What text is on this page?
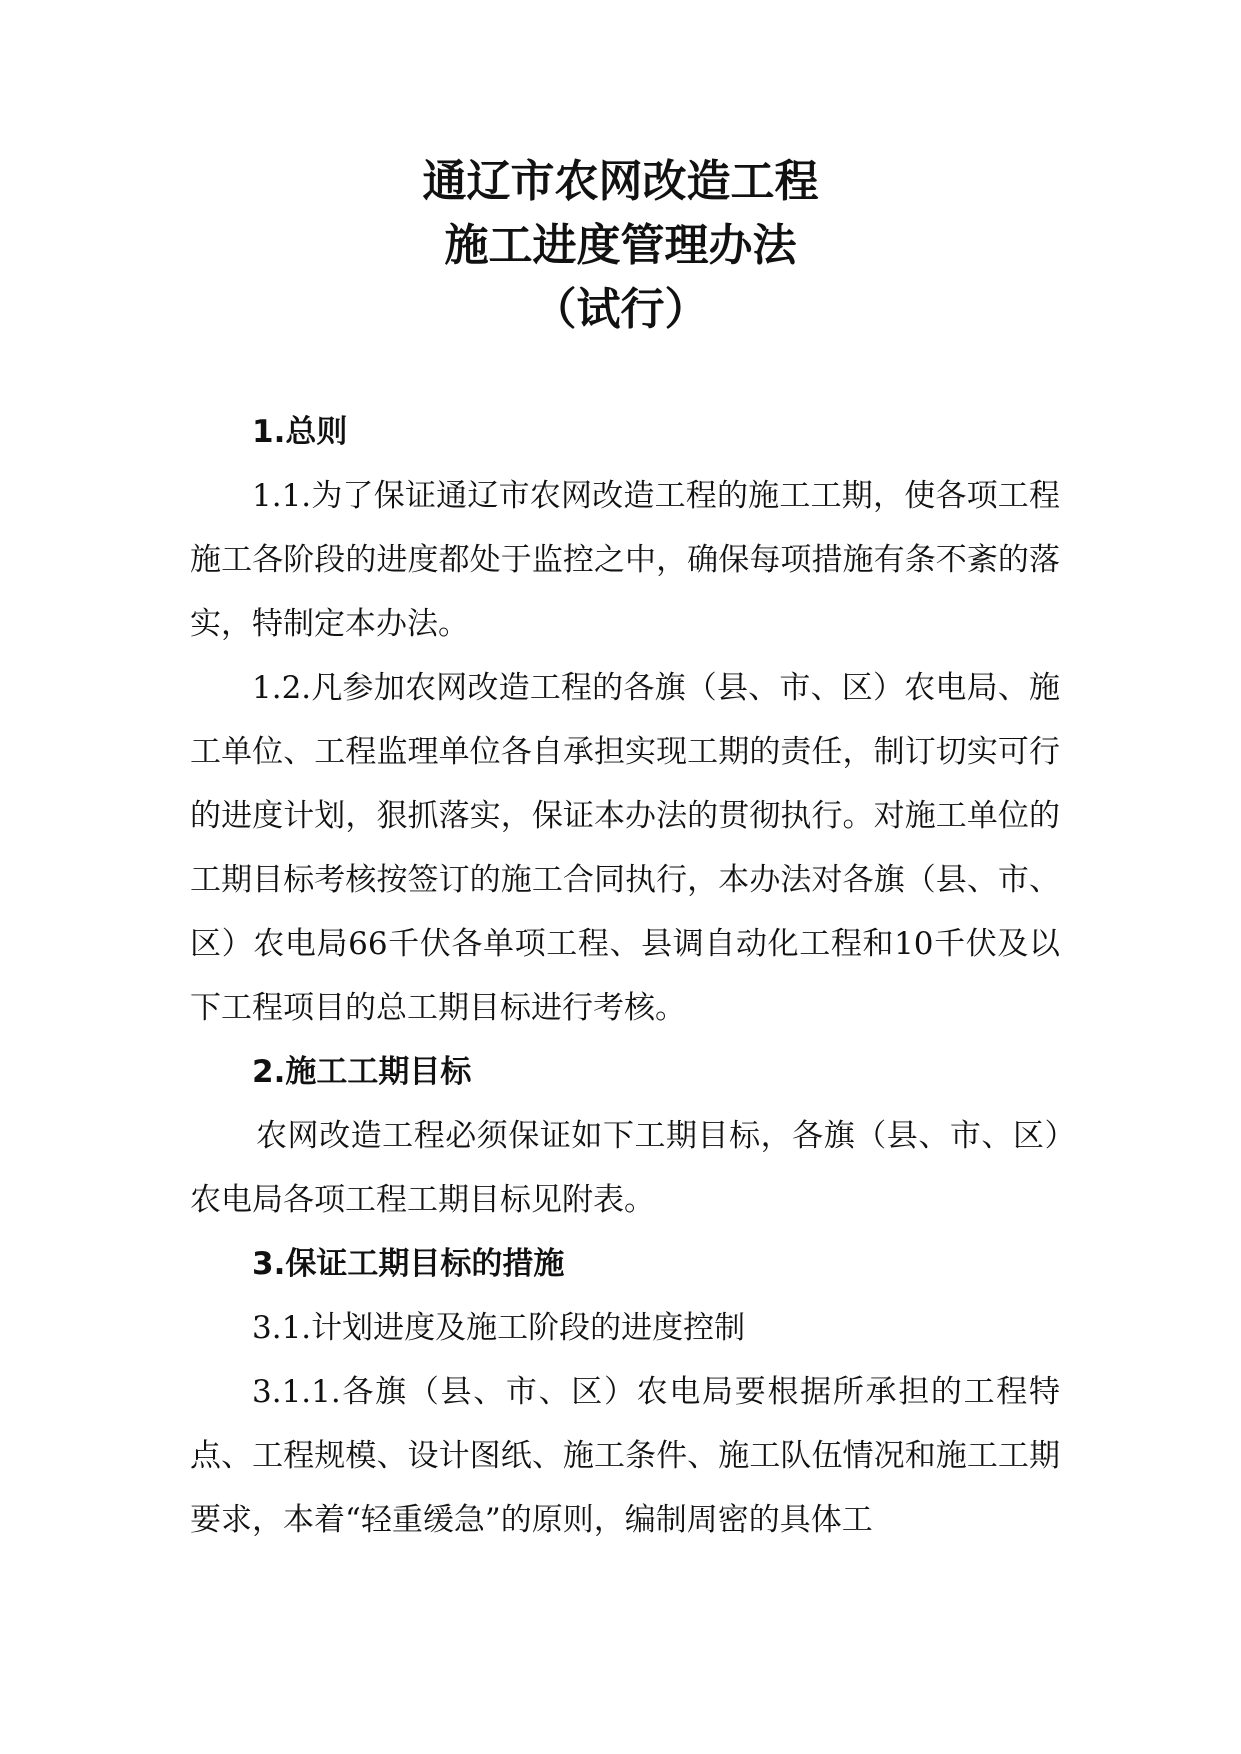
通辽市农网改造工程
施工进度管理办法
（试行）

1.总则

1.1.为了保证通辽市农网改造工程的施工工期，使各项工程施工各阶段的进度都处于监控之中，确保每项措施有条不紊的落实，特制定本办法。

1.2.凡参加农网改造工程的各旗（县、市、区）农电局、施工单位、工程监理单位各自承担实现工期的责任，制订切实可行的进度计划，狠抓落实，保证本办法的贯彻执行。对施工单位的工期目标考核按签订的施工合同执行，本办法对各旗（县、市、区）农电局66千伏各单项工程、县调自动化工程和10千伏及以下工程项目的总工期目标进行考核。

2.施工工期目标

农网改造工程必须保证如下工期目标，各旗（县、市、区）农电局各项工程工期目标见附表。

3.保证工期目标的措施

3.1.计划进度及施工阶段的进度控制

3.1.1.各旗（县、市、区）农电局要根据所承担的工程特点、工程规模、设计图纸、施工条件、施工队伍情况和施工工期要求，本着“轻重缓急”的原则，编制周密的具体工
